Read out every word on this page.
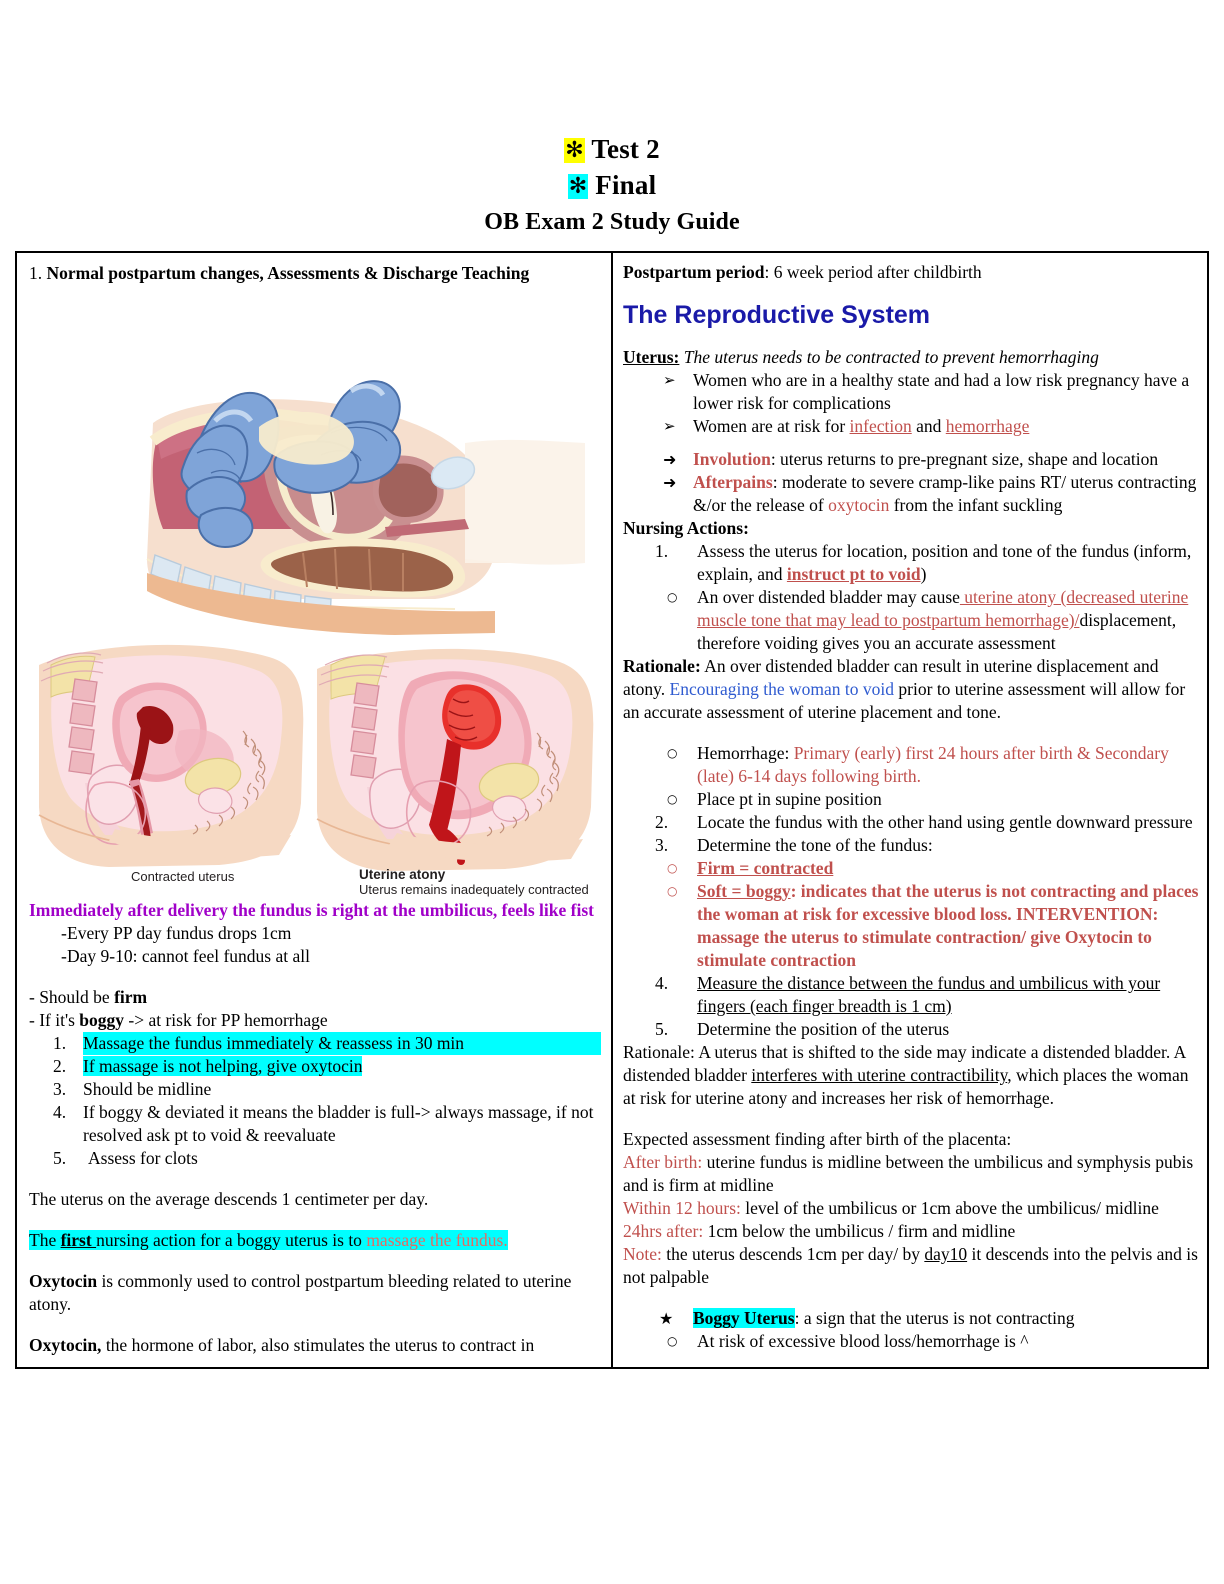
✻ Test 2
✻ Final
OB Exam 2 Study Guide
1. Normal postpartum changes, Assessments & Discharge Teaching
Contracted uterus	Uterine atony
Uterus remains inadequately contracted
Immediately after delivery the fundus is right at the umbilicus, feels like fist
- Every PP day fundus drops 1cm
- Day 9-10: cannot feel fundus at all
- Should be firm
- If it's boggy -> at risk for PP hemorrhage
1. Massage the fundus immediately & reassess in 30 min
2. If massage is not helping, give oxytocin
3. Should be midline
4. If boggy & deviated it means the bladder is full-> always massage, if not resolved ask pt to void & reevaluate
5.	Assess for clots
The uterus on the average descends 1 centimeter per day.
The first nursing action for a boggy uterus is to massage the fundus.
Oxytocin is commonly used to control postpartum bleeding related to uterine atony.
Oxytocin, the hormone of labor, also stimulates the uterus to contract in
Postpartum period: 6 week period after childbirth
The Reproductive System
Uterus: The uterus needs to be contracted to prevent hemorrhaging
➢ Women who are in a healthy state and had a low risk pregnancy have a lower risk for complications
➢ Women are at risk for infection and hemorrhage
➜ Involution: uterus returns to pre-pregnant size, shape and location
➜ Afterpains: moderate to severe cramp-like pains RT/ uterus contracting &/or the release of oxytocin from the infant suckling
Nursing Actions:
1.	Assess the uterus for location, position and tone of the fundus (inform, explain, and instruct pt to void)
○	An over distended bladder may cause uterine atony (decreased uterine muscle tone that may lead to postpartum hemorrhage)/displacement, therefore voiding gives you an accurate assessment
Rationale: An over distended bladder can result in uterine displacement and atony. Encouraging the woman to void prior to uterine assessment will allow for an accurate assessment of uterine placement and tone.
○	Hemorrhage: Primary (early) first 24 hours after birth & Secondary (late) 6-14 days following birth.
○	Place pt in supine position
2.	Locate the fundus with the other hand using gentle downward pressure
3.	Determine the tone of the fundus:
○	Firm = contracted
○	Soft = boggy: indicates that the uterus is not contracting and places the woman at risk for excessive blood loss. INTERVENTION: massage the uterus to stimulate contraction/ give Oxytocin to stimulate contraction
4.	Measure the distance between the fundus and umbilicus with your fingers (each finger breadth is 1 cm)
5.	Determine the position of the uterus
Rationale: A uterus that is shifted to the side may indicate a distended bladder. A distended bladder interferes with uterine contractibility, which places the woman at risk for uterine atony and increases her risk of hemorrhage.
Expected assessment finding after birth of the placenta:
After birth: uterine fundus is midline between the umbilicus and symphysis pubis and is firm at midline
Within 12 hours: level of the umbilicus or 1cm above the umbilicus/ midline
24hrs after: 1cm below the umbilicus / firm and midline
Note: the uterus descends 1cm per day/ by day10 it descends into the pelvis and is not palpable
★	Boggy Uterus: a sign that the uterus is not contracting
○	At risk of excessive blood loss/hemorrhage is ^
